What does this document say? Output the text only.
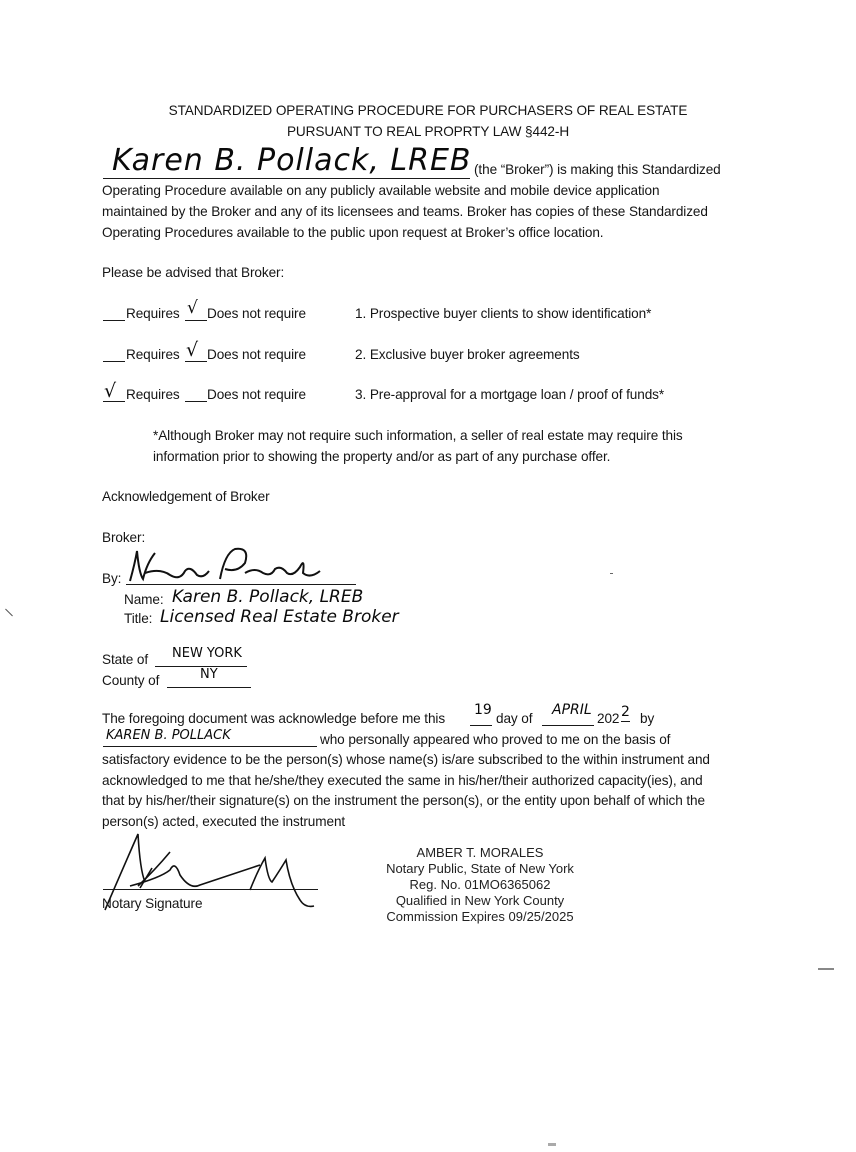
STANDARDIZED OPERATING PROCEDURE FOR PURCHASERS OF REAL ESTATE
PURSUANT TO REAL PROPRTY LAW §442-H
Karen B. Pollack, LREB (the “Broker”) is making this Standardized
Operating Procedure available on any publicly available website and mobile device application
maintained by the Broker and any of its licensees and teams. Broker has copies of these Standardized
Operating Procedures available to the public upon request at Broker’s office location.
Please be advised that Broker:
Requires √ Does not require	1. Prospective buyer clients to show identification*
Requires √ Does not require	2. Exclusive buyer broker agreements
√ Requires Does not require	3. Pre-approval for a mortgage loan / proof of funds*
*Although Broker may not require such information, a seller of real estate may require this
information prior to showing the property and/or as part of any purchase offer.
Acknowledgement of Broker
Broker:
By:
Name: Karen B. Pollack, LREB
Title: Licensed Real Estate Broker
State of NEW YORK
County of	NY
The foregoing document was acknowledge before me this
19
day of
APRIL
202 2 by
KAREN B. POLLACK	who personally appeared who proved to me on the basis of
satisfactory evidence to be the person(s) whose name(s) is/are subscribed to the within instrument and
acknowledged to me that he/she/they executed the same in his/her/their authorized capacity(ies), and
that by his/her/their signature(s) on the instrument the person(s), or the entity upon behalf of which the
person(s) acted, executed the instrument
Notary Signature
AMBER T. MORALES
Notary Public, State of New York
Reg. No. 01MO6365062
Qualified in New York County
Commission Expires 09/25/2025
